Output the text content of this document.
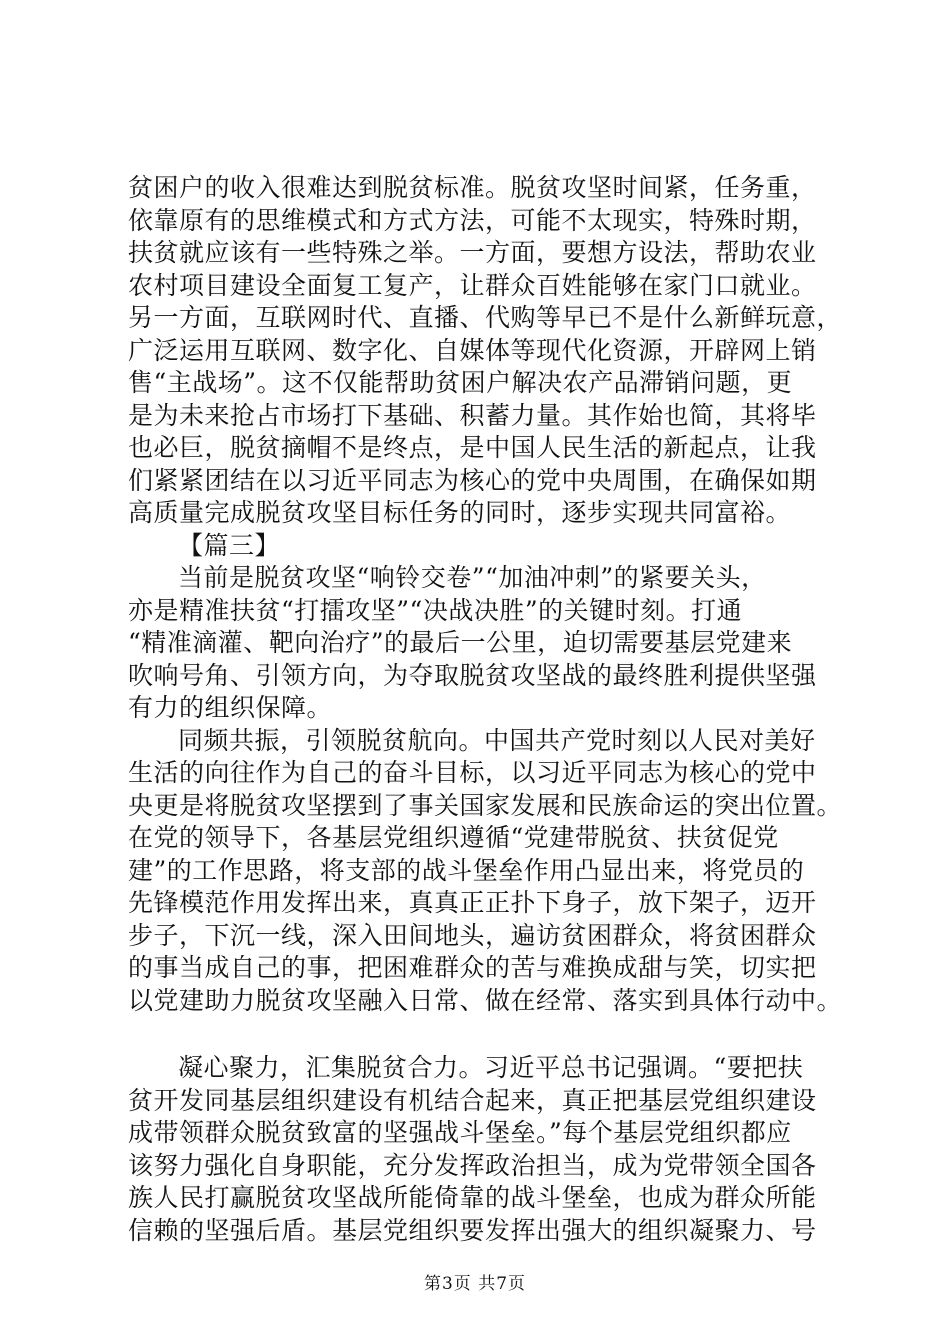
贫困户的收入很难达到脱贫标准。脱贫攻坚时间紧，任务重，
依靠原有的思维模式和方式方法，可能不太现实，特殊时期，
扶贫就应该有一些特殊之举。一方面，要想方设法，帮助农业
农村项目建设全面复工复产，让群众百姓能够在家门口就业。
另一方面，互联网时代、直播、代购等早已不是什么新鲜玩意，
广泛运用互联网、数字化、自媒体等现代化资源，开辟网上销
售“主战场”。这不仅能帮助贫困户解决农产品滞销问题，更
是为未来抢占市场打下基础、积蓄力量。其作始也简，其将毕
也必巨，脱贫摘帽不是终点，是中国人民生活的新起点，让我
们紧紧团结在以习近平同志为核心的党中央周围，在确保如期
高质量完成脱贫攻坚目标任务的同时，逐步实现共同富裕。
【篇三】
当前是脱贫攻坚“响铃交卷”“加油冲刺”的紧要关头，
亦是精准扶贫“打擂攻坚”“决战决胜”的关键时刻。打通
“精准滴灌、靶向治疗”的最后一公里，迫切需要基层党建来
吹响号角、引领方向，为夺取脱贫攻坚战的最终胜利提供坚强
有力的组织保障。
同频共振，引领脱贫航向。中国共产党时刻以人民对美好
生活的向往作为自己的奋斗目标，以习近平同志为核心的党中
央更是将脱贫攻坚摆到了事关国家发展和民族命运的突出位置。
在党的领导下，各基层党组织遵循“党建带脱贫、扶贫促党
建”的工作思路，将支部的战斗堡垒作用凸显出来，将党员的
先锋模范作用发挥出来，真真正正扑下身子，放下架子，迈开
步子，下沉一线，深入田间地头，遍访贫困群众，将贫困群众
的事当成自己的事，把困难群众的苦与难换成甜与笑，切实把
以党建助力脱贫攻坚融入日常、做在经常、落实到具体行动中。
凝心聚力，汇集脱贫合力。习近平总书记强调。“要把扶
贫开发同基层组织建设有机结合起来，真正把基层党组织建设
成带领群众脱贫致富的坚强战斗堡垒。”每个基层党组织都应
该努力强化自身职能，充分发挥政治担当，成为党带领全国各
族人民打赢脱贫攻坚战所能倚靠的战斗堡垒，也成为群众所能
信赖的坚强后盾。基层党组织要发挥出强大的组织凝聚力、号
第3页 共7页
